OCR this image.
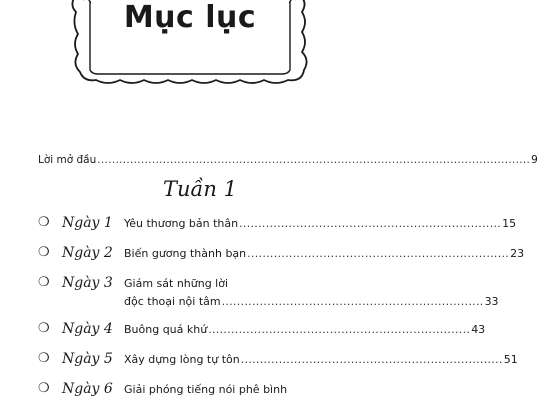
Mục lục
Lời mở đầu ....................................................................................................................... 9
Tuần 1
❍ Ngày 1 Yêu thương bản thân ..................................................................... 15
❍ Ngày 2 Biến gương thành bạn ..................................................................... 23
❍ Ngày 3 Giám sát những lời
độc thoại nội tâm ..................................................................... 33
❍ Ngày 4 Buông quá khứ ..................................................................... 43
❍ Ngày 5 Xây dựng lòng tự tôn ..................................................................... 51
❍ Ngày 6 Giải phóng tiếng nói phê bình
